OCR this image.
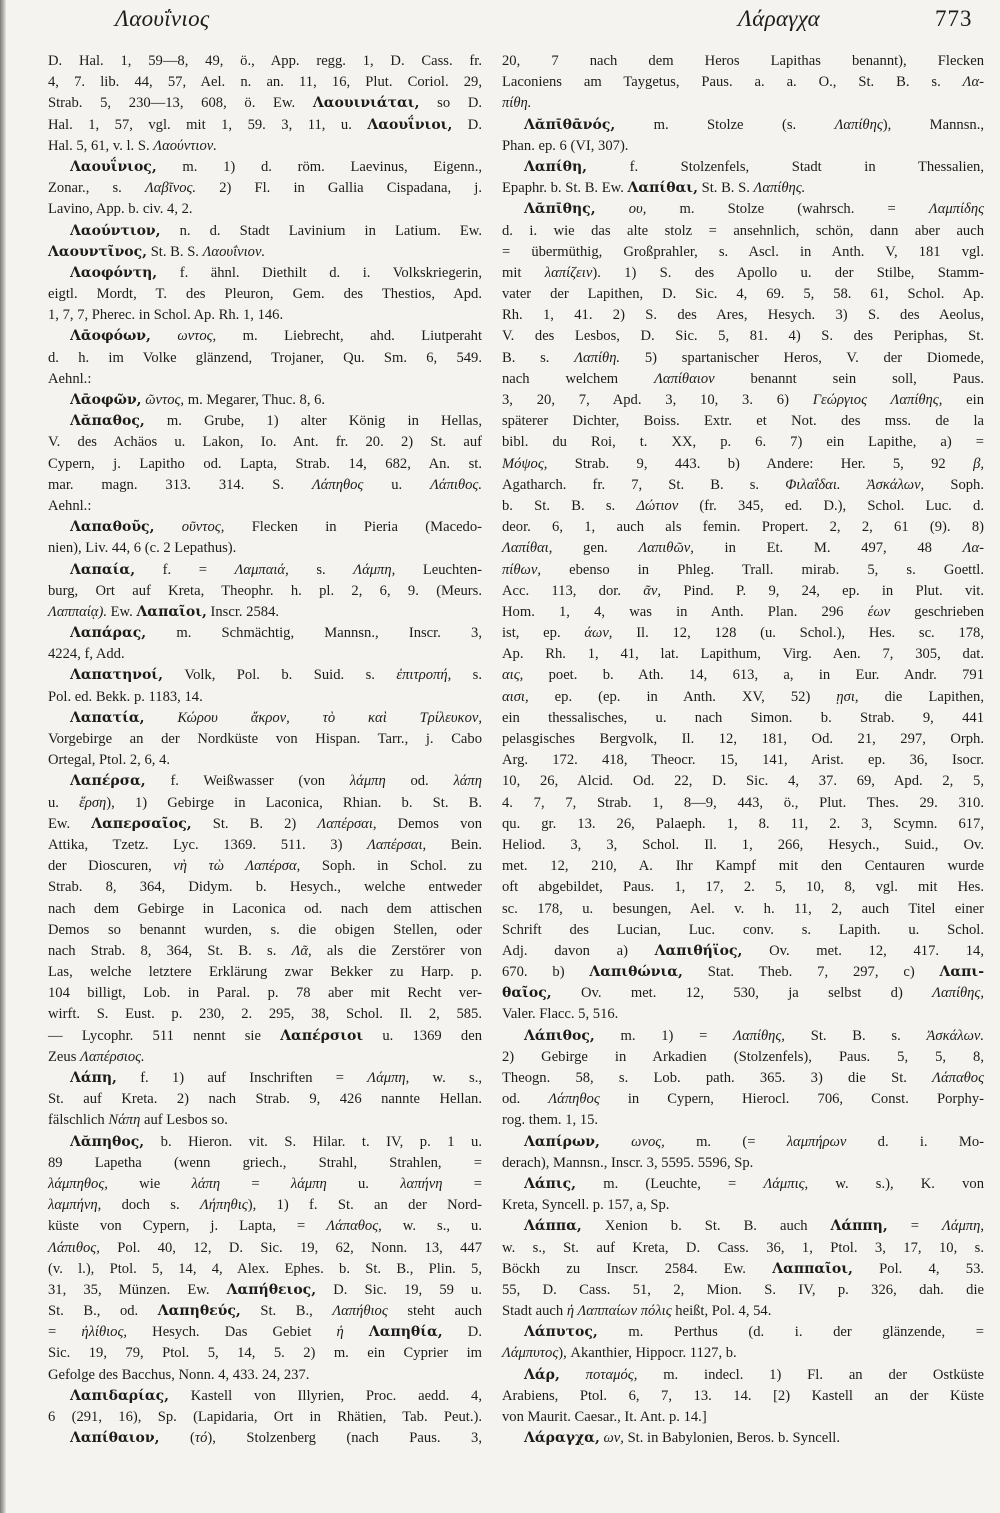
Λαουΐνιος	Λάραγχα	773
D. Hal. 1, 59—8, 49, ö., App. regg. 1, D. Cass. fr.
4, 7. lib. 44, 57, Ael. n. an. 11, 16, Plut. Coriol. 29,
Strab. 5, 230—13, 608, ö. Ew. Λαουινιάται, so D.
Hal. 1, 57, vgl. mit 1, 59. 3, 11, u. Λαουΐνιοι, D.
Hal. 5, 61, v. l. S. Λαούντιον.
Λαουΐνιος, m. 1) d. röm. Laevinus, Eigenn.,
Zonar., s. Λαβῖνος. 2) Fl. in Gallia Cispadana, j.
Lavino, App. b. civ. 4, 2.
Λαούντιον, n. d. Stadt Lavinium in Latium. Ew.
Λαουντῖνος, St. B. S. Λαουΐνιον.
Λαοφόντη, f. ähnl. Diethilt d. i. Volkskriegerin,
eigtl. Mordt, T. des Pleuron, Gem. des Thestios, Apd.
1, 7, 7, Pherec. in Schol. Ap. Rh. 1, 146.
Λᾱοφόων, ωντος, m. Liebrecht, ahd. Liutperaht
d. h. im Volke glänzend, Trojaner, Qu. Sm. 6, 549.
Aehnl.:
Λᾱοφῶν, ῶντος, m. Megarer, Thuc. 8, 6.
Λᾰπαθος, m. Grube, 1) alter König in Hellas,
V. des Achäos u. Lakon, Io. Ant. fr. 20. 2) St. auf
Cypern, j. Lapitho od. Lapta, Strab. 14, 682, An. st.
mar. magn. 313. 314. S. Λάπηθος u. Λάπιθος.
Aehnl.:
Λαπαθοῦς, οῦντος, Flecken in Pieria (Macedo-
nien), Liv. 44, 6 (c. 2 Lepathus).
Λαπαία, f. = Λαμπαιά, s. Λάμπη, Leuchten-
burg, Ort auf Kreta, Theophr. h. pl. 2, 6, 9. (Meurs.
Λαππαίᾳ). Ew. Λαπαῖοι, Inscr. 2584.
Λαπάρας, m. Schmächtig, Mannsn., Inscr. 3,
4224, f, Add.
Λαπατηνοί, Volk, Pol. b. Suid. s. ἐπιτροπή, s.
Pol. ed. Bekk. p. 1183, 14.
Λαπατία, Κώρου ἄκρον, τὸ καὶ Τρίλευκον,
Vorgebirge an der Nordküste von Hispan. Tarr., j. Cabo
Ortegal, Ptol. 2, 6, 4.
Λαπέρσα, f. Weißwasser (von λάμπη od. λάπη
u. ἕρση), 1) Gebirge in Laconica, Rhian. b. St. B.
Ew. Λαπερσαῖος, St. B. 2) Λαπέρσαι, Demos von
Attika, Tzetz. Lyc. 1369. 511. 3) Λαπέρσαι, Bein.
der Dioscuren, νὴ τὼ Λαπέρσα, Soph. in Schol. zu
Strab. 8, 364, Didym. b. Hesych., welche entweder
nach dem Gebirge in Laconica od. nach dem attischen
Demos so benannt wurden, s. die obigen Stellen, oder
nach Strab. 8, 364, St. B. s. Λᾶ, als die Zerstörer von
Las, welche letztere Erklärung zwar Bekker zu Harp. p.
104 billigt, Lob. in Paral. p. 78 aber mit Recht ver-
wirft. S. Eust. p. 230, 2. 295, 38, Schol. Il. 2, 585.
— Lycophr. 511 nennt sie Λαπέρσιοι u. 1369 den
Zeus Λαπέρσιος.
Λάπη, f. 1) auf Inschriften = Λάμπη, w. s.,
St. auf Kreta. 2) nach Strab. 9, 426 nannte Hellan.
fälschlich Νάπη auf Lesbos so.
Λᾰπηθος, b. Hieron. vit. S. Hilar. t. IV, p. 1 u.
89 Lapetha (wenn griech., Strahl, Strahlen, =
λάμπηθος, wie λάπη = λάμπη u. λαπήνη =
λαμπήνη, doch s. Λήπηθις), 1) f. St. an der Nord-
küste von Cypern, j. Lapta, = Λάπαθος, w. s., u.
Λάπιθος, Pol. 40, 12, D. Sic. 19, 62, Nonn. 13, 447
(v. l.), Ptol. 5, 14, 4, Alex. Ephes. b. St. B., Plin. 5,
31, 35, Münzen. Ew. Λαπήθειος, D. Sic. 19, 59 u.
St. B., od. Λαπηθεύς, St. B., Λαπήθιος steht auch
= ἠλίθιος, Hesych. Das Gebiet ἡ Λαπηθία, D.
Sic. 19, 79, Ptol. 5, 14, 5. 2) m. ein Cyprier im
Gefolge des Bacchus, Nonn. 4, 433. 24, 237.
Λαπιδαρίας, Kastell von Illyrien, Proc. aedd. 4,
6 (291, 16), Sp. (Lapidaria, Ort in Rhätien, Tab. Peut.).
Λαπίθαιον, (τό), Stolzenberg (nach Paus. 3,
20, 7 nach dem Heros Lapithas benannt), Flecken
Laconiens am Taygetus, Paus. a. a. O., St. B. s. Λα-
πίθη.
Λᾰπῑθᾱνός, m. Stolze (s. Λαπίθης), Mannsn.,
Phan. ep. 6 (VI, 307).
Λαπίθη, f. Stolzenfels, Stadt in Thessalien,
Epaphr. b. St. B. Ew. Λαπίθαι, St. B. S. Λαπίθης.
Λᾰπῑθης, ου, m. Stolze (wahrsch. = Λαμπίδης
d. i. wie das alte stolz = ansehnlich, schön, dann aber auch
= übermüthig, Großprahler, s. Ascl. in Anth. V, 181 vgl.
mit λαπίζειν). 1) S. des Apollo u. der Stilbe, Stamm-
vater der Lapithen, D. Sic. 4, 69. 5, 58. 61, Schol. Ap.
Rh. 1, 41. 2) S. des Ares, Hesych. 3) S. des Aeolus,
V. des Lesbos, D. Sic. 5, 81. 4) S. des Periphas, St.
B. s. Λαπίθη. 5) spartanischer Heros, V. der Diomede,
nach welchem Λαπίθαιον benannt sein soll, Paus.
3, 20, 7, Apd. 3, 10, 3. 6) Γεώργιος Λαπίθης, ein
späterer Dichter, Boiss. Extr. et Not. des mss. de la
bibl. du Roi, t. XX, p. 6. 7) ein Lapithe, a) =
Μόψος, Strab. 9, 443. b) Andere: Her. 5, 92 β,
Agatharch. fr. 7, St. B. s. Φιλαΐδαι. Ἀσκάλων, Soph.
b. St. B. s. Δώτιον (fr. 345, ed. D.), Schol. Luc. d.
deor. 6, 1, auch als femin. Propert. 2, 2, 61 (9). 8)
Λαπίθαι, gen. Λαπιθῶν, in Et. M. 497, 48 Λα-
πίθων, ebenso in Phleg. Trall. mirab. 5, s. Goettl.
Acc. 113, dor. ᾶν, Pind. P. 9, 24, ep. in Plut. vit.
Hom. 1, 4, was in Anth. Plan. 296 έων geschrieben
ist, ep. άων, Il. 12, 128 (u. Schol.), Hes. sc. 178,
Ap. Rh. 1, 41, lat. Lapithum, Virg. Aen. 7, 305, dat.
αις, poet. b. Ath. 14, 613, a, in Eur. Andr. 791
αισι, ep. (ep. in Anth. XV, 52) ῃσι, die Lapithen,
ein thessalisches, u. nach Simon. b. Strab. 9, 441
pelasgisches Bergvolk, Il. 12, 181, Od. 21, 297, Orph.
Arg. 172. 418, Theocr. 15, 141, Arist. ep. 36, Isocr.
10, 26, Alcid. Od. 22, D. Sic. 4, 37. 69, Apd. 2, 5,
4. 7, 7, Strab. 1, 8—9, 443, ö., Plut. Thes. 29. 310.
qu. gr. 13. 26, Palaeph. 1, 8. 11, 2. 3, Scymn. 617,
Heliod. 3, 3, Schol. Il. 1, 266, Hesych., Suid., Ov.
met. 12, 210, A. Ihr Kampf mit den Centauren wurde
oft abgebildet, Paus. 1, 17, 2. 5, 10, 8, vgl. mit Hes.
sc. 178, u. besungen, Ael. v. h. 11, 2, auch Titel einer
Schrift des Lucian, Luc. conv. s. Lapith. u. Schol.
Adj. davon a) Λαπιθήϊος, Ov. met. 12, 417. 14,
670. b) Λαπιθώνια, Stat. Theb. 7, 297, c) Λαπι-
θαῖος, Ov. met. 12, 530, ja selbst d) Λαπίθης,
Valer. Flacc. 5, 516.
Λάπιθος, m. 1) = Λαπίθης, St. B. s. Ἀσκάλων.
2) Gebirge in Arkadien (Stolzenfels), Paus. 5, 5, 8,
Theogn. 58, s. Lob. path. 365. 3) die St. Λάπαθος
od. Λάπηθος in Cypern, Hierocl. 706, Const. Porphy-
rog. them. 1, 15.
Λαπίρων, ωνος, m. (= λαμπήρων d. i. Mo-
derach), Mannsn., Inscr. 3, 5595. 5596, Sp.
Λάπις, m. (Leuchte, = Λάμπις, w. s.), K. von
Kreta, Syncell. p. 157, a, Sp.
Λάππα, Xenion b. St. B. auch Λάππη, = Λάμπη,
w. s., St. auf Kreta, D. Cass. 36, 1, Ptol. 3, 17, 10, s.
Böckh zu Inscr. 2584. Ew. Λαππαῖοι, Pol. 4, 53.
55, D. Cass. 51, 2, Mion. S. IV, p. 326, dah. die
Stadt auch ἡ Λαππαίων πόλις heißt, Pol. 4, 54.
Λάπυτος, m. Perthus (d. i. der glänzende, =
Λάμπυτος), Akanthier, Hippocr. 1127, b.
Λάρ, ποταμός, m. indecl. 1) Fl. an der Ostküste
Arabiens, Ptol. 6, 7, 13. 14. [2) Kastell an der Küste
von Maurit. Caesar., It. Ant. p. 14.]
Λάραγχα, ων, St. in Babylonien, Beros. b. Syncell.
